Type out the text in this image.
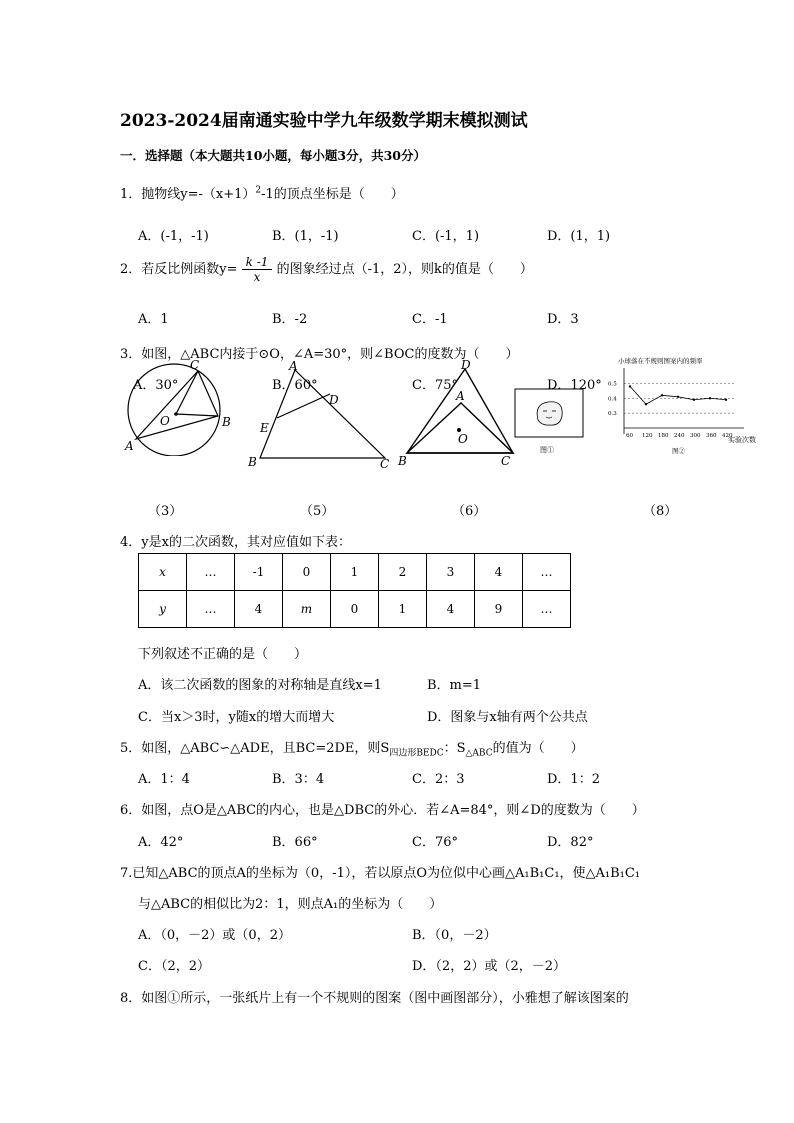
2023-2024届南通实验中学九年级数学期末模拟测试
一．选择题（本大题共10小题，每小题3分，共30分）
1．抛物线$y=-(x+1)^2-1$的顶点坐标是（　　）
A．(-1，-1)	B．(1，-1)	C．(-1，1)	D．(1，1)
2．若反比例函数$y= \frac{k -1}{x}$ 的图象经过点（-1，2），则k的值是（　　）
A．1	B．-2	C．-1	D．3
3．如图，△ABC内接于⊙O，∠A=30°，则∠BOC的度数为（　　）
A．30°	B．60°	C．75°	D．120°
C
B
A
O
A
D
E
B	C
D
A
O
B	C
图①
小球落在不规则图案内的频率
0.3
0.4
0.5
60 120 180 240 300 360 420
实验次数
图②
（3）	（5）	（6）	（8）
4．y是x的二次函数，其对应值如下表：
x	…	-1	0	1	2	3	4	…
y	…	4	m	0	1	4	9	…
下列叙述不正确的是（　　）
A．该二次函数的图象的对称轴是直线x=1	B．m=1
C．当x＞3时，y随x的增大而增大	D．图象与x轴有两个公共点
5．如图，△ABC∽△ADE，且BC=2DE，则$S_{四边形BEDC}$：$S_{\triangle ABC}$的值为（　　）
A．1：4	B．3：4	C．2：3	D．1：2
6．如图，点O是△ABC的内心，也是△DBC的外心．若∠A=84°，则∠D的度数为（　　）
A．42°	B．66°	C．76°	D．82°
7.已知△ABC的顶点A的坐标为（0，-1），若以原点O为位似中心画△A₁B₁C₁，使△A₁B₁C₁
与△ABC的相似比为2：1，则点A₁的坐标为（　　）
A．（0，－2）或（0，2）	B．（0，－2）
C．（2，2）	D．（2，2）或（2，－2）
8．如图①所示，一张纸片上有一个不规则的图案（图中画图部分），小雅想了解该图案的
